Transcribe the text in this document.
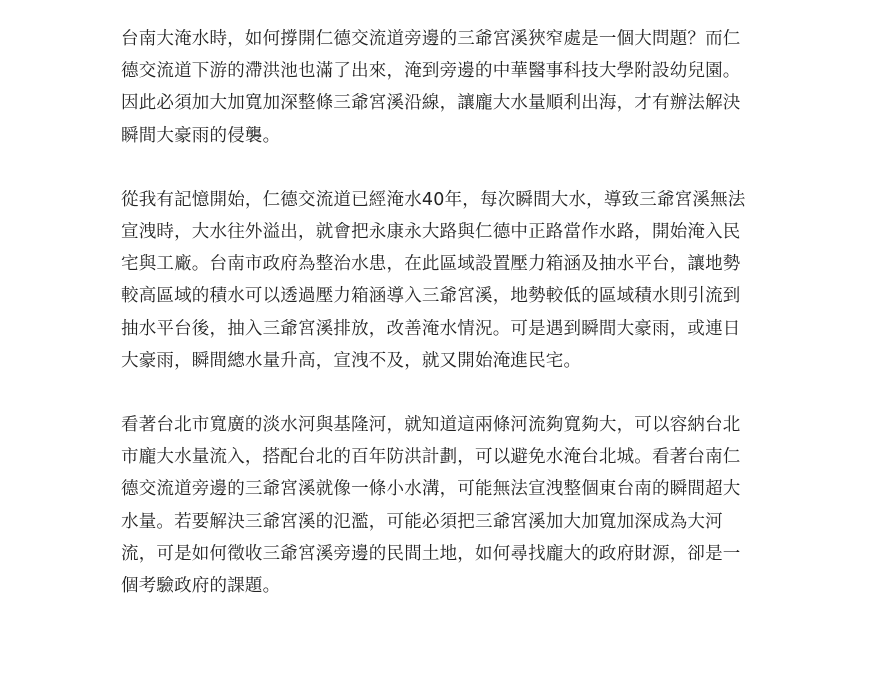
台南大淹水時，如何撐開仁德交流道旁邊的三爺宮溪狹窄處是一個大問題？而仁
德交流道下游的滯洪池也滿了出來，淹到旁邊的中華醫事科技大學附設幼兒園。
因此必須加大加寬加深整條三爺宮溪沿線，讓龐大水量順利出海，才有辦法解決
瞬間大豪雨的侵襲。

從我有記憶開始，仁德交流道已經淹水40年，每次瞬間大水，導致三爺宮溪無法
宣洩時，大水往外溢出，就會把永康永大路與仁德中正路當作水路，開始淹入民
宅與工廠。台南市政府為整治水患，在此區域設置壓力箱涵及抽水平台，讓地勢
較高區域的積水可以透過壓力箱涵導入三爺宮溪，地勢較低的區域積水則引流到
抽水平台後，抽入三爺宮溪排放，改善淹水情況。可是遇到瞬間大豪雨，或連日
大豪雨，瞬間總水量升高，宣洩不及，就又開始淹進民宅。

看著台北市寬廣的淡水河與基隆河，就知道這兩條河流夠寬夠大，可以容納台北
市龐大水量流入，搭配台北的百年防洪計劃，可以避免水淹台北城。看著台南仁
德交流道旁邊的三爺宮溪就像一條小水溝，可能無法宣洩整個東台南的瞬間超大
水量。若要解決三爺宮溪的氾濫，可能必須把三爺宮溪加大加寬加深成為大河
流，可是如何徵收三爺宮溪旁邊的民間土地，如何尋找龐大的政府財源，卻是一
個考驗政府的課題。
